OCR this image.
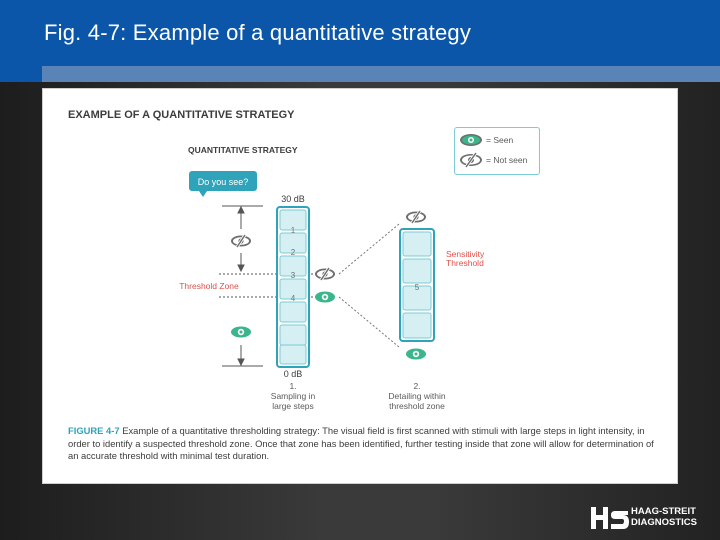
Fig. 4-7: Example of a quantitative strategy
EXAMPLE OF A QUANTITATIVE STRATEGY
QUANTITATIVE STRATEGY
= Seen
= Not seen
Do you see?
Threshold Zone
30 dB
1
2
3
4
0 dB
5
Sensitivity
Threshold
1.
Sampling in
large steps
2.
Detailing within
threshold zone
FIGURE 4-7 Example of a quantitative thresholding strategy: The visual field is first scanned with stimuli with large steps in light intensity, in order to identify a suspected threshold zone. Once that zone has been identified, further testing inside that zone will allow for determination of an accurate threshold with minimal test duration.
HAAG-STREIT
DIAGNOSTICS
